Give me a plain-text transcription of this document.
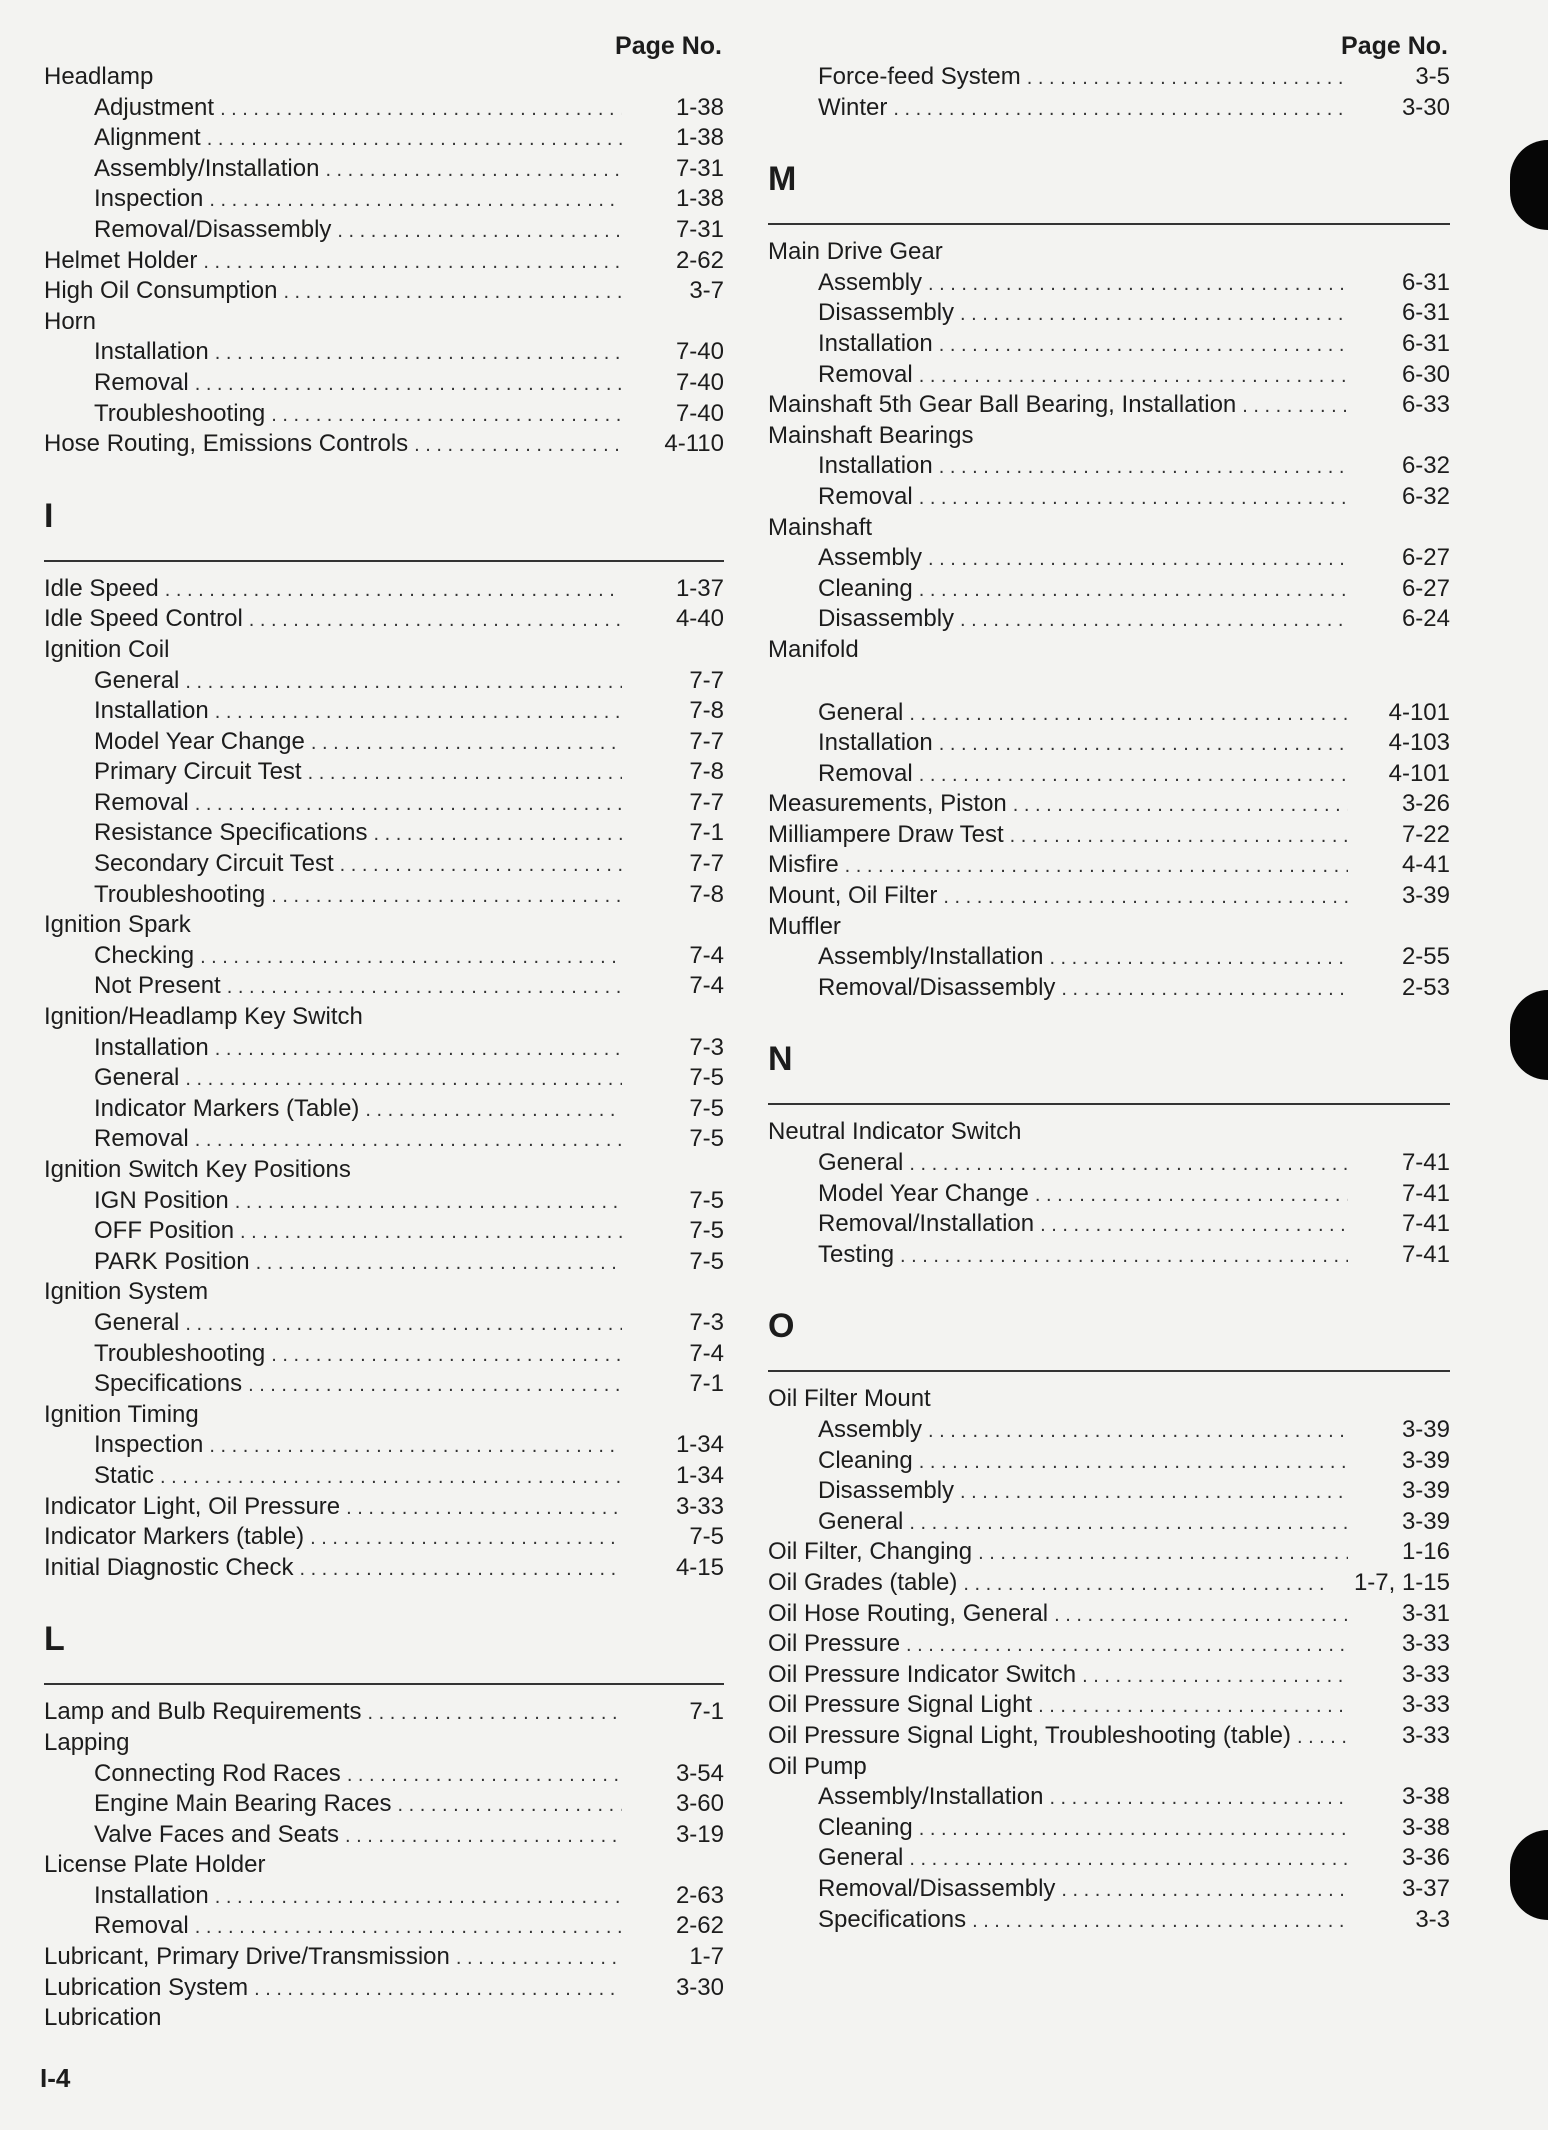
Page No.
Headlamp
Adjustment . . .	1-38
Alignment . . .	1-38
Assembly/Installation . . .	7-31
Inspection . . .	1-38
Removal/Disassembly . . .	7-31
Helmet Holder . . .	2-62
High Oil Consumption . . .	3-7
Horn
Installation . . .	7-40
Removal . . .	7-40
Troubleshooting . . .	7-40
Hose Routing, Emissions Controls . . .	4-110
I
Idle Speed . . .	1-37
Idle Speed Control . . .	4-40
Ignition Coil
General . . .	7-7
Installation . . .	7-8
Model Year Change . . .	7-7
Primary Circuit Test . . .	7-8
Removal . . .	7-7
Resistance Specifications . . .	7-1
Secondary Circuit Test . . .	7-7
Troubleshooting . . .	7-8
Ignition Spark
Checking . . .	7-4
Not Present . . .	7-4
Ignition/Headlamp Key Switch
Installation . . .	7-3
General . . .	7-5
Indicator Markers (Table) . . .	7-5
Removal . . .	7-5
Ignition Switch Key Positions
IGN Position . . .	7-5
OFF Position . . .	7-5
PARK Position . . .	7-5
Ignition System
General . . .	7-3
Troubleshooting . . .	7-4
Specifications . . .	7-1
Ignition Timing
Inspection . . .	1-34
Static . . .	1-34
Indicator Light, Oil Pressure . . .	3-33
Indicator Markers (table) . . .	7-5
Initial Diagnostic Check . . .	4-15
L
Lamp and Bulb Requirements . . .	7-1
Lapping
Connecting Rod Races . . .	3-54
Engine Main Bearing Races . . .	3-60
Valve Faces and Seats . . .	3-19
License Plate Holder
Installation . . .	2-63
Removal . . .	2-62
Lubricant, Primary Drive/Transmission . . .	1-7
Lubrication System . . .	3-30
Lubrication
Page No.
Force-feed System . . .	3-5
Winter . . .	3-30
M
Main Drive Gear
Assembly . . .	6-31
Disassembly . . .	6-31
Installation . . .	6-31
Removal . . .	6-30
Mainshaft 5th Gear Ball Bearing, Installation . . .	6-33
Mainshaft Bearings
Installation . . .	6-32
Removal . . .	6-32
Mainshaft
Assembly . . .	6-27
Cleaning . . .	6-27
Disassembly . . .	6-24
Manifold
General . . .	4-101
Installation . . .	4-103
Removal . . .	4-101
Measurements, Piston . . .	3-26
Milliampere Draw Test . . .	7-22
Misfire . . .	4-41
Mount, Oil Filter . . .	3-39
Muffler
Assembly/Installation . . .	2-55
Removal/Disassembly . . .	2-53
N
Neutral Indicator Switch
General . . .	7-41
Model Year Change . . .	7-41
Removal/Installation . . .	7-41
Testing . . .	7-41
O
Oil Filter Mount
Assembly . . .	3-39
Cleaning . . .	3-39
Disassembly . . .	3-39
General . . .	3-39
Oil Filter, Changing . . .	1-16
Oil Grades (table) . . .	1-7, 1-15
Oil Hose Routing, General . . .	3-31
Oil Pressure . . .	3-33
Oil Pressure Indicator Switch . . .	3-33
Oil Pressure Signal Light . . .	3-33
Oil Pressure Signal Light, Troubleshooting (table) . . .	3-33
Oil Pump
Assembly/Installation . . .	3-38
Cleaning . . .	3-38
General . . .	3-36
Removal/Disassembly . . .	3-37
Specifications . . .	3-3
I-4
